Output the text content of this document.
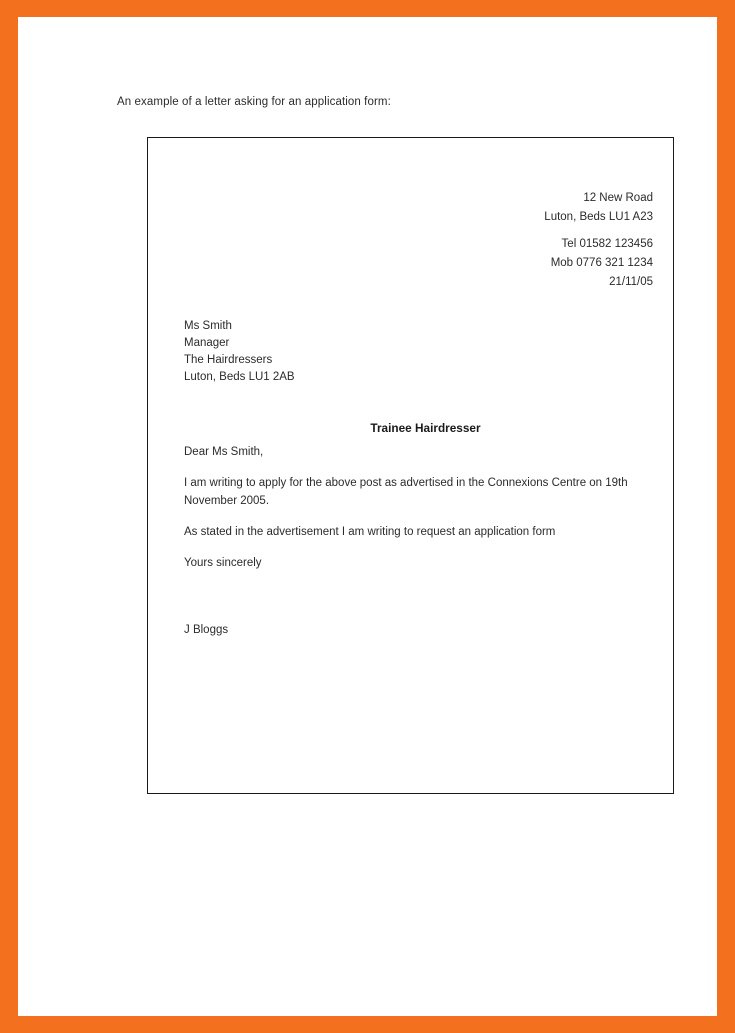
An example of a letter asking for an application form:
12 New Road
Luton, Beds LU1 A23
Tel 01582 123456
Mob 0776 321 1234
21/11/05
Ms Smith
Manager
The Hairdressers
Luton, Beds LU1 2AB
Trainee Hairdresser

Dear Ms Smith,

I am writing to apply for the above post as advertised in the Connexions Centre on 19th November 2005.

As stated in the advertisement I am writing to request an application form

Yours sincerely

J Bloggs
